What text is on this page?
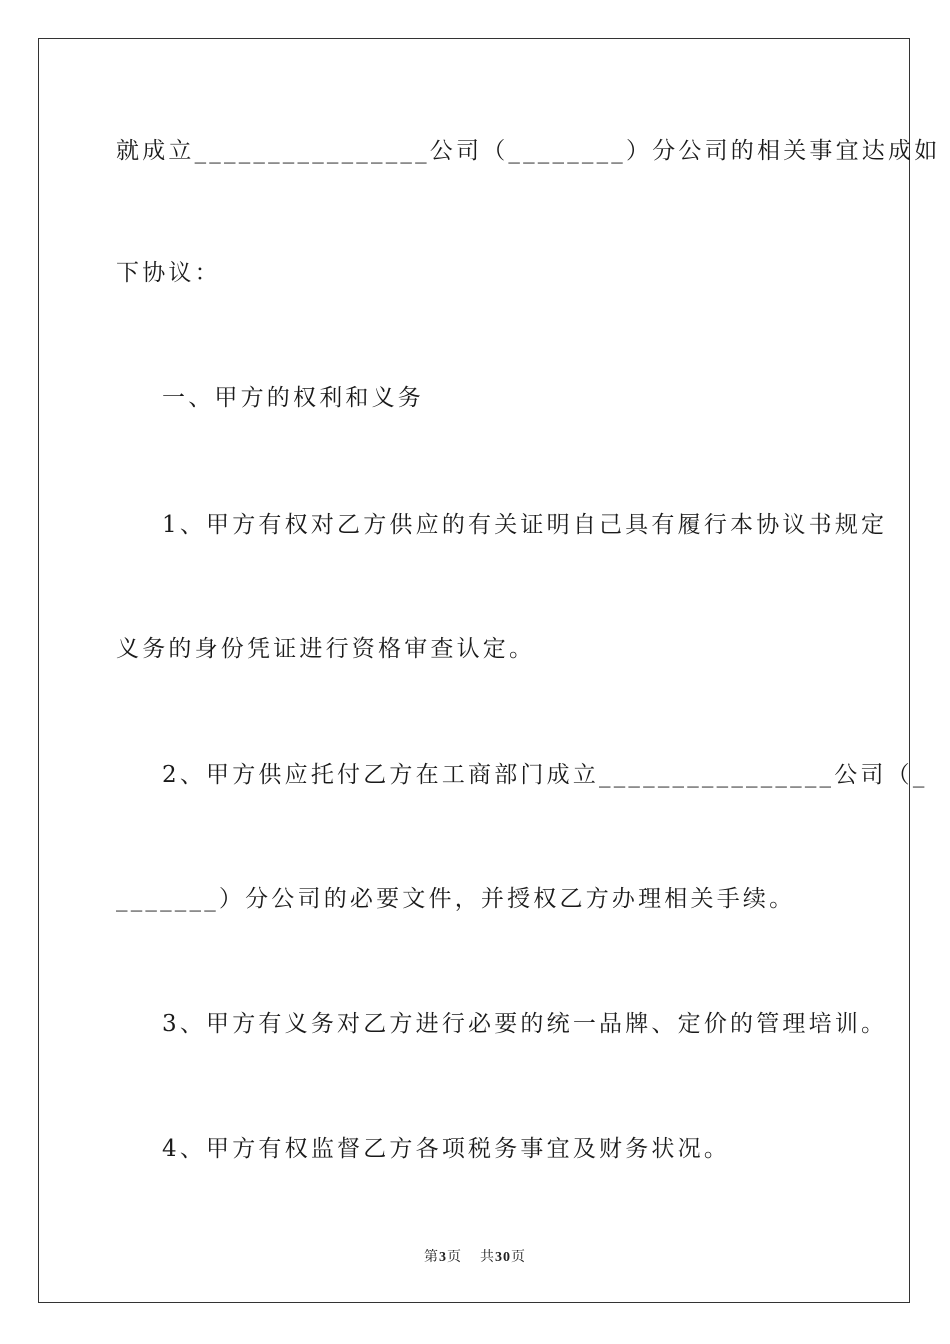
就成立________________公司（________）分公司的相关事宜达成如
下协议：
一、甲方的权利和义务
1、甲方有权对乙方供应的有关证明自己具有履行本协议书规定
义务的身份凭证进行资格审查认定。
2、甲方供应托付乙方在工商部门成立________________公司（_
_______）分公司的必要文件，并授权乙方办理相关手续。
3、甲方有义务对乙方进行必要的统一品牌、定价的管理培训。
4、甲方有权监督乙方各项税务事宜及财务状况。
第3页 共30页
